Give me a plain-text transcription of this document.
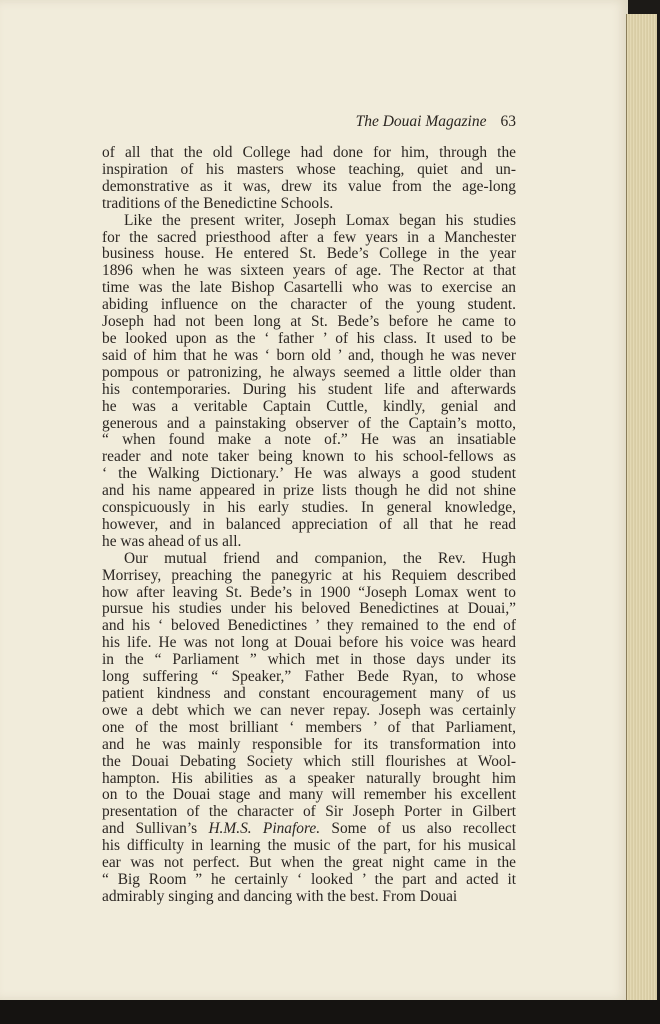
The Douai Magazine 63

of all that the old College had done for him, through the
inspiration of his masters whose teaching, quiet and un-
demonstrative as it was, drew its value from the age-long
traditions of the Benedictine Schools.

Like the present writer, Joseph Lomax began his studies
for the sacred priesthood after a few years in a Manchester
business house. He entered St. Bede’s College in the year
1896 when he was sixteen years of age. The Rector at that
time was the late Bishop Casartelli who was to exercise an
abiding influence on the character of the young student.
Joseph had not been long at St. Bede’s before he came to
be looked upon as the ‘ father ’ of his class. It used to be
said of him that he was ‘ born old ’ and, though he was never
pompous or patronizing, he always seemed a little older than
his contemporaries. During his student life and afterwards
he was a veritable Captain Cuttle, kindly, genial and
generous and a painstaking observer of the Captain’s motto,
“ when found make a note of.” He was an insatiable
reader and note taker being known to his school-fellows as
‘ the Walking Dictionary.’ He was always a good student
and his name appeared in prize lists though he did not shine
conspicuously in his early studies. In general knowledge,
however, and in balanced appreciation of all that he read
he was ahead of us all.

Our mutual friend and companion, the Rev. Hugh
Morrisey, preaching the panegyric at his Requiem described
how after leaving St. Bede’s in 1900 “Joseph Lomax went to
pursue his studies under his beloved Benedictines at Douai,”
and his ‘ beloved Benedictines ’ they remained to the end of
his life. He was not long at Douai before his voice was heard
in the “ Parliament ” which met in those days under its
long suffering “ Speaker,” Father Bede Ryan, to whose
patient kindness and constant encouragement many of us
owe a debt which we can never repay. Joseph was certainly
one of the most brilliant ‘ members ’ of that Parliament,
and he was mainly responsible for its transformation into
the Douai Debating Society which still flourishes at Wool-
hampton. His abilities as a speaker naturally brought him
on to the Douai stage and many will remember his excellent
presentation of the character of Sir Joseph Porter in Gilbert
and Sullivan’s H.M.S. Pinafore. Some of us also recollect
his difficulty in learning the music of the part, for his musical
ear was not perfect. But when the great night came in the
“ Big Room ” he certainly ‘ looked ’ the part and acted it
admirably singing and dancing with the best. From Douai
